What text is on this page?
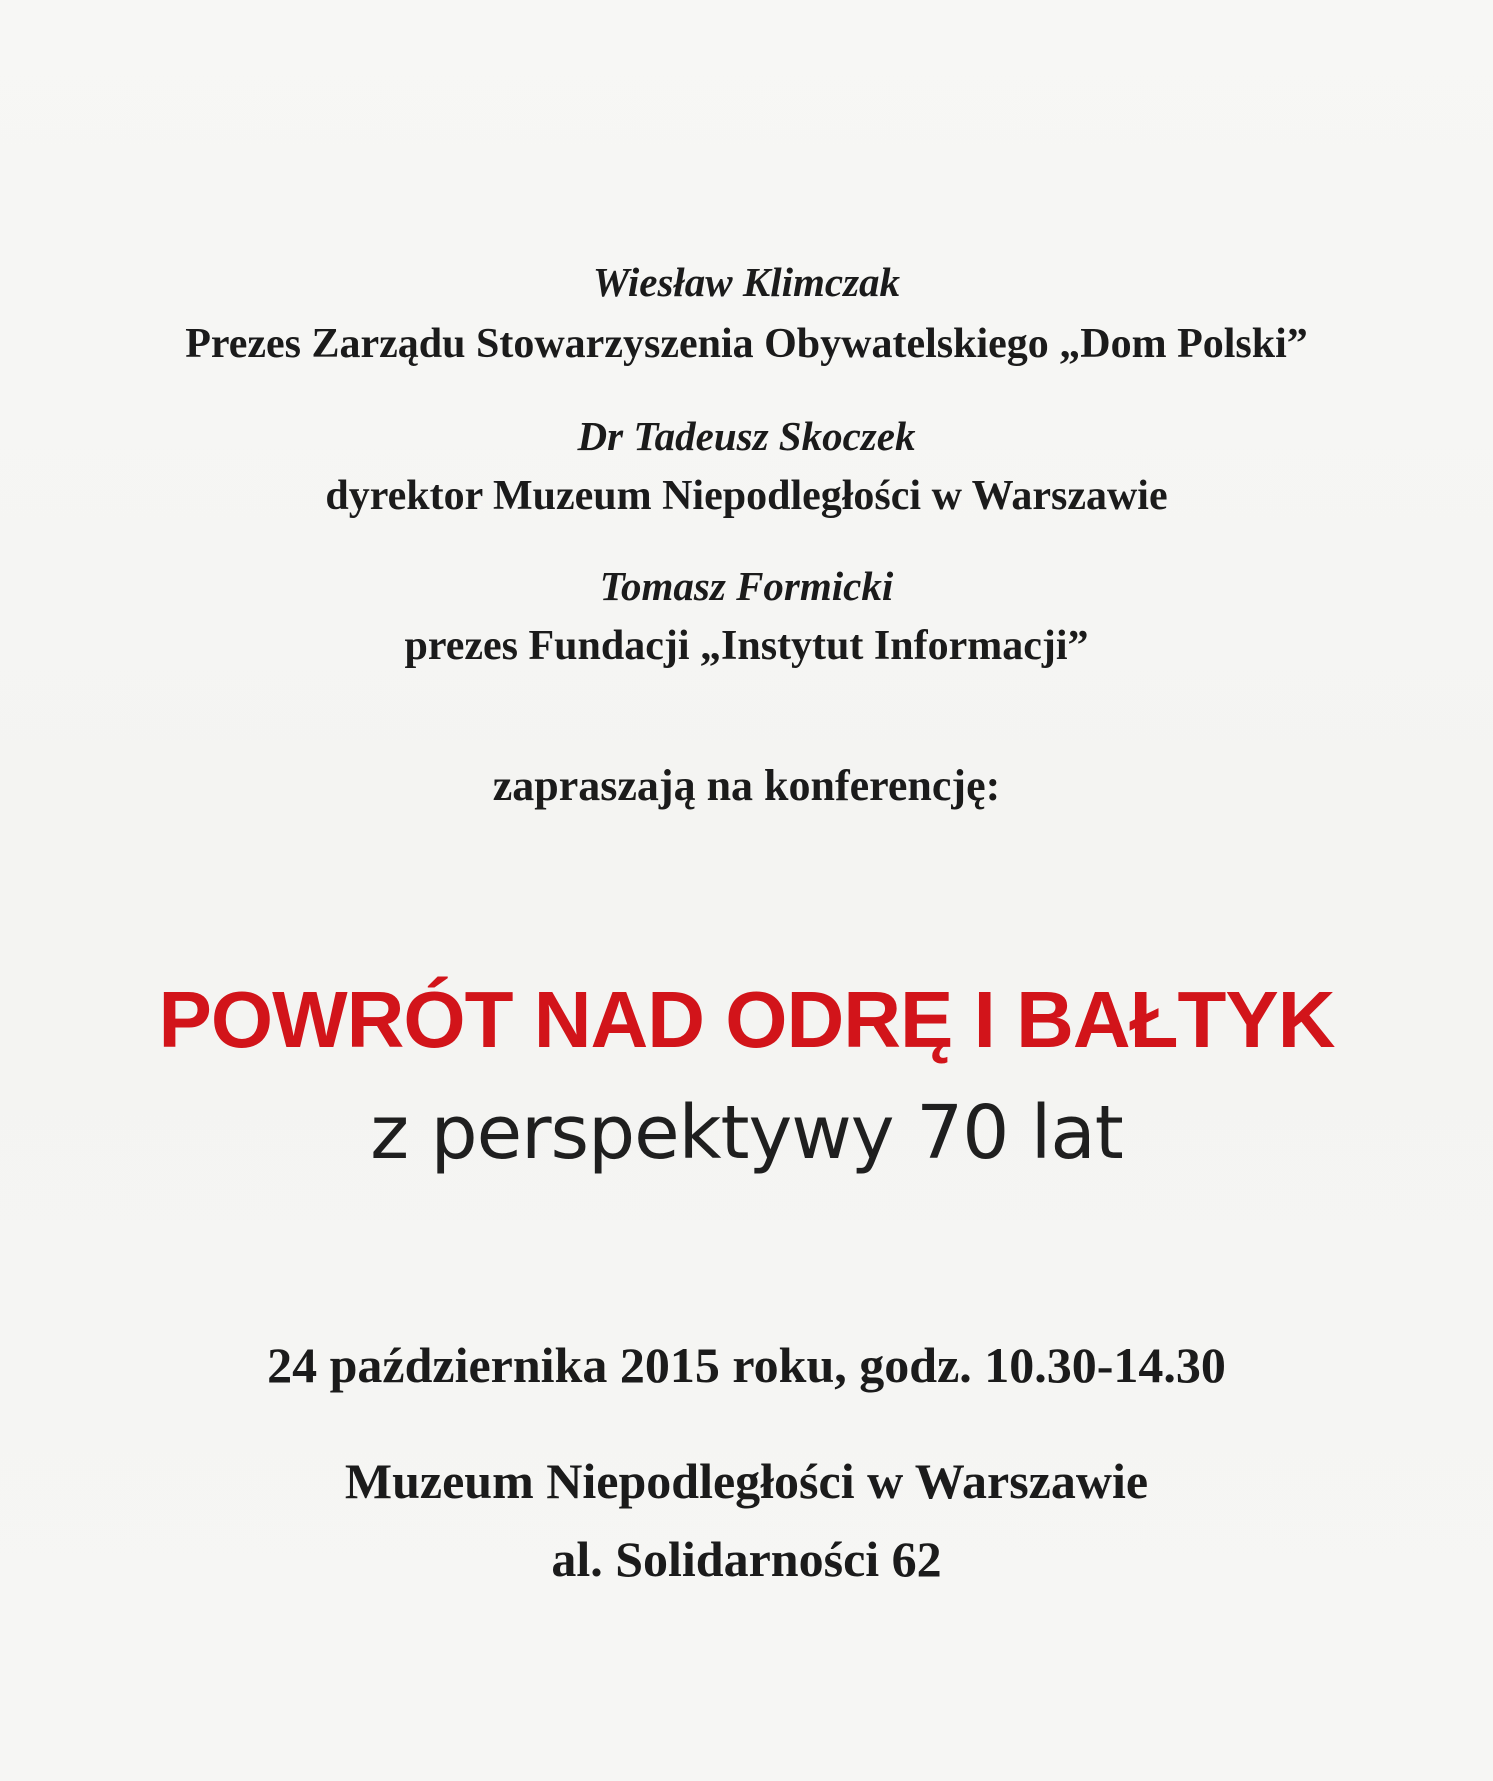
Wiesław Klimczak

Prezes Zarządu Stowarzyszenia Obywatelskiego „Dom Polski”

Dr Tadeusz Skoczek

dyrektor Muzeum Niepodległości w Warszawie

Tomasz Formicki

prezes Fundacji „Instytut Informacji”

zapraszają na konferencję:

POWRÓT NAD ODRĘ I BAŁTYK

z perspektywy 70 lat

24 października 2015 roku, godz. 10.30-14.30

Muzeum Niepodległości w Warszawie

al. Solidarności 62
